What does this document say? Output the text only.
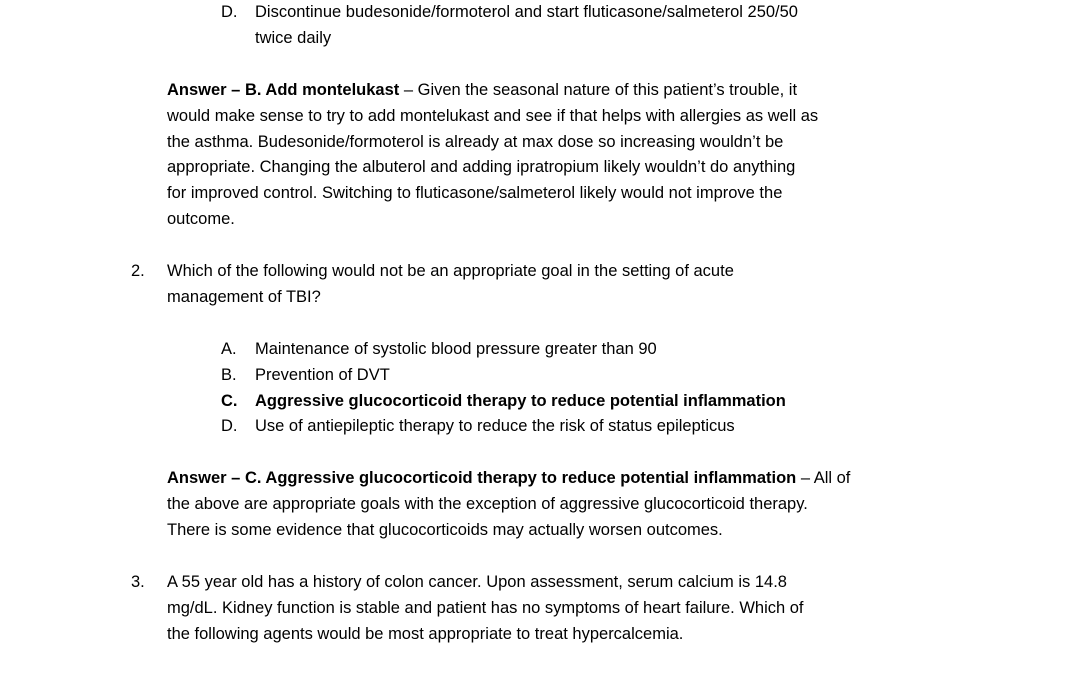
D. Discontinue budesonide/formoterol and start fluticasone/salmeterol 250/50
twice daily
Answer – B. Add montelukast – Given the seasonal nature of this patient’s trouble, it
would make sense to try to add montelukast and see if that helps with allergies as well as
the asthma. Budesonide/formoterol is already at max dose so increasing wouldn’t be
appropriate. Changing the albuterol and adding ipratropium likely wouldn’t do anything
for improved control. Switching to fluticasone/salmeterol likely would not improve the
outcome.
2. Which of the following would not be an appropriate goal in the setting of acute
management of TBI?
A. Maintenance of systolic blood pressure greater than 90
B. Prevention of DVT
C. Aggressive glucocorticoid therapy to reduce potential inflammation
D. Use of antiepileptic therapy to reduce the risk of status epilepticus
Answer – C. Aggressive glucocorticoid therapy to reduce potential inflammation – All of
the above are appropriate goals with the exception of aggressive glucocorticoid therapy.
There is some evidence that glucocorticoids may actually worsen outcomes.
3. A 55 year old has a history of colon cancer. Upon assessment, serum calcium is 14.8
mg/dL. Kidney function is stable and patient has no symptoms of heart failure. Which of
the following agents would be most appropriate to treat hypercalcemia.
